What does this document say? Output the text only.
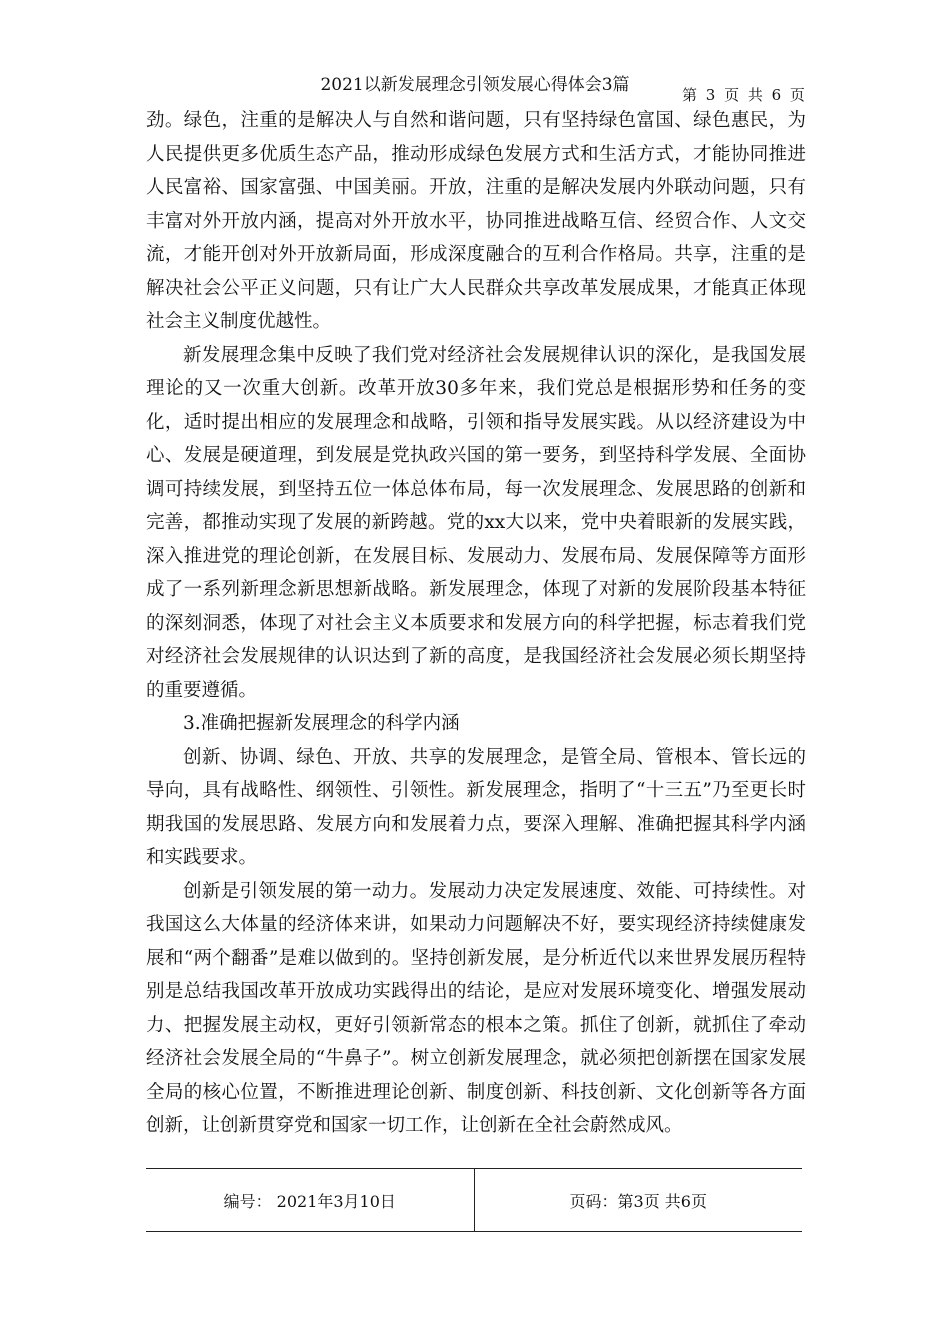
2021以新发展理念引领发展心得体会3篇	第 3 页 共 6 页

劲。绿色，注重的是解决人与自然和谐问题，只有坚持绿色富国、绿色惠民，为人民提供更多优质生态产品，推动形成绿色发展方式和生活方式，才能协同推进人民富裕、国家富强、中国美丽。开放，注重的是解决发展内外联动问题，只有丰富对外开放内涵，提高对外开放水平，协同推进战略互信、经贸合作、人文交流，才能开创对外开放新局面，形成深度融合的互利合作格局。共享，注重的是解决社会公平正义问题，只有让广大人民群众共享改革发展成果，才能真正体现社会主义制度优越性。

新发展理念集中反映了我们党对经济社会发展规律认识的深化，是我国发展理论的又一次重大创新。改革开放30多年来，我们党总是根据形势和任务的变化，适时提出相应的发展理念和战略，引领和指导发展实践。从以经济建设为中心、发展是硬道理，到发展是党执政兴国的第一要务，到坚持科学发展、全面协调可持续发展，到坚持五位一体总体布局，每一次发展理念、发展思路的创新和完善，都推动实现了发展的新跨越。党的xx大以来，党中央着眼新的发展实践，深入推进党的理论创新，在发展目标、发展动力、发展布局、发展保障等方面形成了一系列新理念新思想新战略。新发展理念，体现了对新的发展阶段基本特征的深刻洞悉，体现了对社会主义本质要求和发展方向的科学把握，标志着我们党对经济社会发展规律的认识达到了新的高度，是我国经济社会发展必须长期坚持的重要遵循。

3.准确把握新发展理念的科学内涵

创新、协调、绿色、开放、共享的发展理念，是管全局、管根本、管长远的导向，具有战略性、纲领性、引领性。新发展理念，指明了“十三五”乃至更长时期我国的发展思路、发展方向和发展着力点，要深入理解、准确把握其科学内涵和实践要求。

创新是引领发展的第一动力。发展动力决定发展速度、效能、可持续性。对我国这么大体量的经济体来讲，如果动力问题解决不好，要实现经济持续健康发展和“两个翻番”是难以做到的。坚持创新发展，是分析近代以来世界发展历程特别是总结我国改革开放成功实践得出的结论，是应对发展环境变化、增强发展动力、把握发展主动权，更好引领新常态的根本之策。抓住了创新，就抓住了牵动经济社会发展全局的“牛鼻子”。树立创新发展理念，就必须把创新摆在国家发展全局的核心位置，不断推进理论创新、制度创新、科技创新、文化创新等各方面创新，让创新贯穿党和国家一切工作，让创新在全社会蔚然成风。

编号： 2021年3月10日	页码：第3页 共6页
